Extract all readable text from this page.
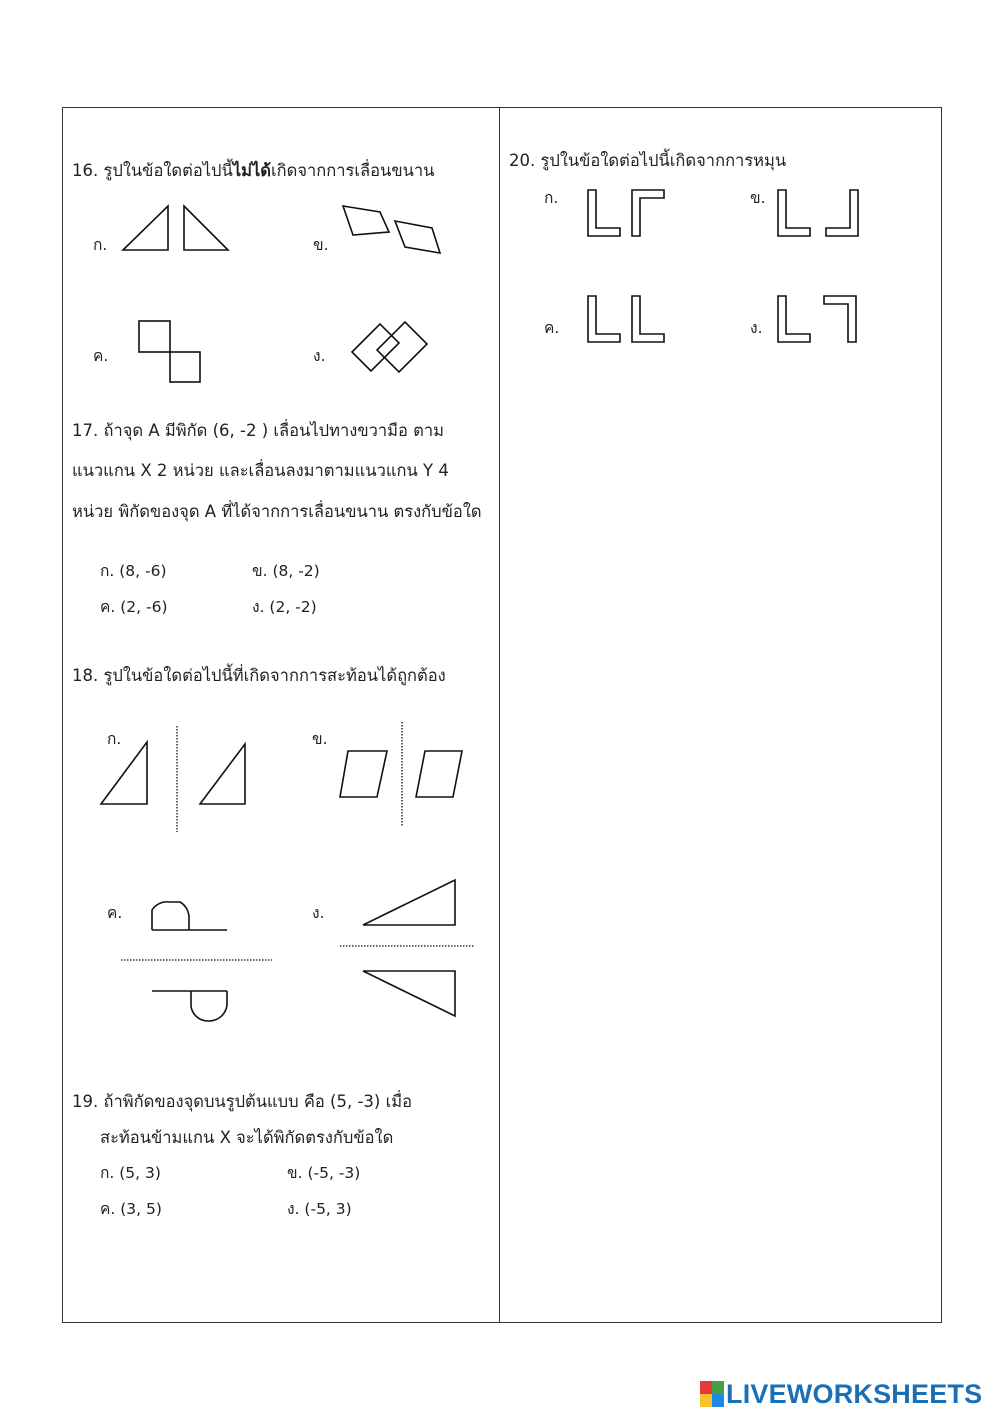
16. รูปในข้อใดต่อไปนี้ไม่ได้เกิดจากการเลื่อนขนาน
ก.	ข.
ค.	ง.
17. ถ้าจุด A มีพิกัด (6, -2 ) เลื่อนไปทางขวามือ ตาม
แนวแกน X 2 หน่วย และเลื่อนลงมาตามแนวแกน Y 4
หน่วย พิกัดของจุด A ที่ได้จากการเลื่อนขนาน ตรงกับข้อใด
ก. (8, -6)	ข. (8, -2)
ค. (2, -6)	ง. (2, -2)
18. รูปในข้อใดต่อไปนี้ที่เกิดจากการสะท้อนได้ถูกต้อง
ก.	ข.
ค.	ง.
19. ถ้าพิกัดของจุดบนรูปต้นแบบ คือ (5, -3) เมื่อ
สะท้อนข้ามแกน X จะได้พิกัดตรงกับข้อใด
ก. (5, 3)	ข. (-5, -3)
ค. (3, 5)	ง. (-5, 3)
20. รูปในข้อใดต่อไปนี้เกิดจากการหมุน
ก.	ข.
ค.	ง.
LIVEWORKSHEETS
